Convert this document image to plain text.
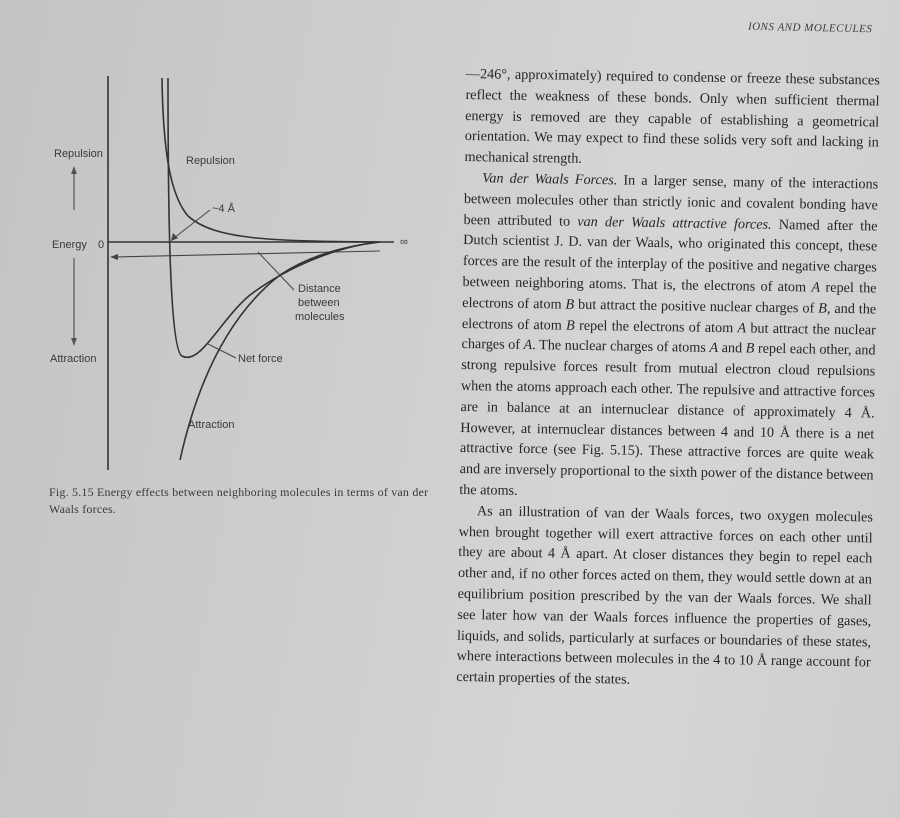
IONS AND MOLECULES
Repulsion
Energy 0
Attraction
∞
Repulsion
~4 Å
Distance
between
molecules
Net force
Attraction
Fig. 5.15 Energy effects between neighboring molecules in terms of van der Waals forces.

—246°, approximately) required to condense or freeze these substances reflect the weakness of these bonds. Only when sufficient thermal energy is removed are they capable of establishing a geometrical orientation. We may expect to find these solids very soft and lacking in mechanical strength.

Van der Waals Forces. In a larger sense, many of the interactions between molecules other than strictly ionic and covalent bonding have been attributed to van der Waals attractive forces. Named after the Dutch scientist J. D. van der Waals, who originated this concept, these forces are the result of the interplay of the positive and negative charges between neighboring atoms. That is, the electrons of atom A repel the electrons of atom B but attract the positive nuclear charges of B, and the electrons of atom B repel the electrons of atom A but attract the nuclear charges of A. The nuclear charges of atoms A and B repel each other, and strong repulsive forces result from mutual electron cloud repulsions when the atoms approach each other. The repulsive and attractive forces are in balance at an internuclear distance of approximately 4 Å. However, at internuclear distances between 4 and 10 Å there is a net attractive force (see Fig. 5.15). These attractive forces are quite weak and are inversely proportional to the sixth power of the distance between the atoms.

As an illustration of van der Waals forces, two oxygen molecules when brought together will exert attractive forces on each other until they are about 4 Å apart. At closer distances they begin to repel each other and, if no other forces acted on them, they would settle down at an equilibrium position prescribed by the van der Waals forces. We shall see later how van der Waals forces influence the properties of gases, liquids, and solids, particularly at surfaces or boundaries of these states, where interactions between molecules in the 4 to 10 Å range account for certain properties of the states.
